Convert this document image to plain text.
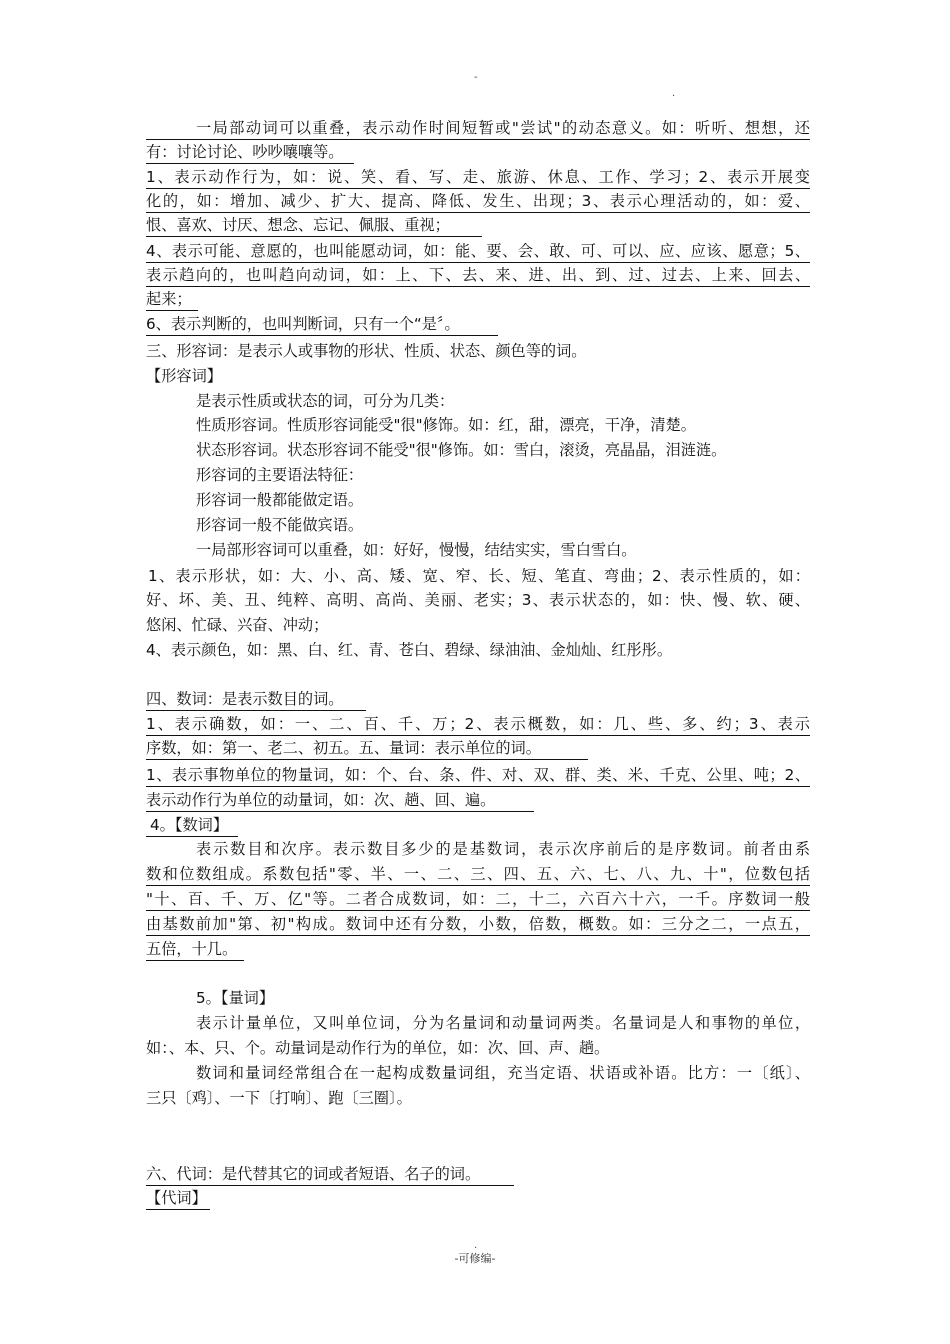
-
.
一局部动词可以重叠，表示动作时间短暂或"尝试"的动态意义。如：听听、想想，还
有：讨论讨论、吵吵嚷嚷等。
1、表示动作行为，如：说、笑、看、写、走、旅游、休息、工作、学习；2、表示开展变
化的，如：增加、减少、扩大、提高、降低、发生、出现；3、表示心理活动的，如：爱、
恨、喜欢、讨厌、想念、忘记、佩服、重视；
4、表示可能、意愿的，也叫能愿动词，如：能、要、会、敢、可、可以、应、应该、愿意；5、
表示趋向的，也叫趋向动词，如：上、下、去、来、进、出、到、过、过去、上来、回去、
起来；
6、表示判断的，也叫判断词，只有一个“是〞。
三、形容词：是表示人或事物的形状、性质、状态、颜色等的词。
【形容词】
是表示性质或状态的词，可分为几类：
性质形容词。性质形容词能受"很"修饰。如：红，甜，漂亮，干净，清楚。
状态形容词。状态形容词不能受"很"修饰。如：雪白，滚烫，亮晶晶，泪涟涟。
形容词的主要语法特征：
形容词一般都能做定语。
形容词一般不能做宾语。
一局部形容词可以重叠，如：好好，慢慢，结结实实，雪白雪白。
1、表示形状，如：大、小、高、矮、宽、窄、长、短、笔直、弯曲；2、表示性质的，如：
好、坏、美、丑、纯粹、高明、高尚、美丽、老实；3、表示状态的，如：快、慢、软、硬、
悠闲、忙碌、兴奋、冲动；
4、表示颜色，如：黑、白、红、青、苍白、碧绿、绿油油、金灿灿、红彤彤。
四、数词：是表示数目的词。
1、表示确数，如：一、二、百、千、万；2、表示概数，如：几、些、多、约；3、表示
序数，如：第一、老二、初五。五、量词：表示单位的词。
1、表示事物单位的物量词，如：个、台、条、件、对、双、群、类、米、千克、公里、吨；2、
表示动作行为单位的动量词，如：次、趟、回、遍。
4。【数词】
表示数目和次序。表示数目多少的是基数词，表示次序前后的是序数词。前者由系
数和位数组成。系数包括"零、半、一、二、三、四、五、六、七、八、九、十"，位数包括
"十、百、千、万、亿"等。二者合成数词，如：二，十二，六百六十六，一千。序数词一般
由基数前加"第、初"构成。数词中还有分数，小数，倍数，概数。如：三分之二，一点五，
五倍，十几。
5。【量词】
表示计量单位，又叫单位词，分为名量词和动量词两类。名量词是人和事物的单位，
如：、本、只、个。动量词是动作行为的单位，如：次、回、声、趟。
数词和量词经常组合在一起构成数量词组，充当定语、状语或补语。比方：一〔纸〕、
三只〔鸡〕、一下〔打响〕、跑〔三圈〕。
六、代词：是代替其它的词或者短语、名子的词。
【代词】
.
-可修编-
